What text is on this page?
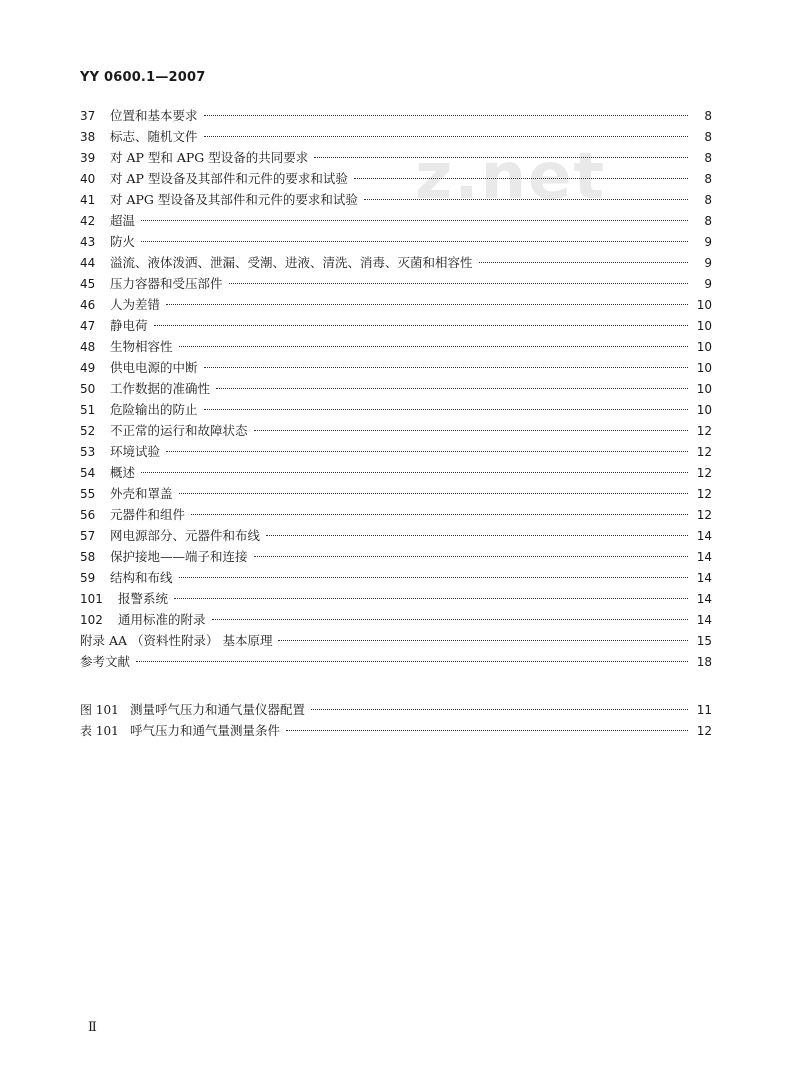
YY 0600.1—2007
z.net
37	位置和基本要求	8
38	标志、随机文件	8
39	对 AP 型和 APG 型设备的共同要求	8
40	对 AP 型设备及其部件和元件的要求和试验	8
41	对 APG 型设备及其部件和元件的要求和试验	8
42	超温	8
43	防火	9
44	溢流、液体泼洒、泄漏、受潮、进液、清洗、消毒、灭菌和相容性	9
45	压力容器和受压部件	9
46	人为差错	10
47	静电荷	10
48	生物相容性	10
49	供电电源的中断	10
50	工作数据的准确性	10
51	危险输出的防止	10
52	不正常的运行和故障状态	12
53	环境试验	12
54	概述	12
55	外壳和罩盖	12
56	元器件和组件	12
57	网电源部分、元器件和布线	14
58	保护接地——端子和连接	14
59	结构和布线	14
101	报警系统	14
102	通用标准的附录	14
附录 AA （资料性附录） 基本原理	15
参考文献	18
图 101 测量呼气压力和通气量仪器配置	11
表 101 呼气压力和通气量测量条件	12
Ⅱ
